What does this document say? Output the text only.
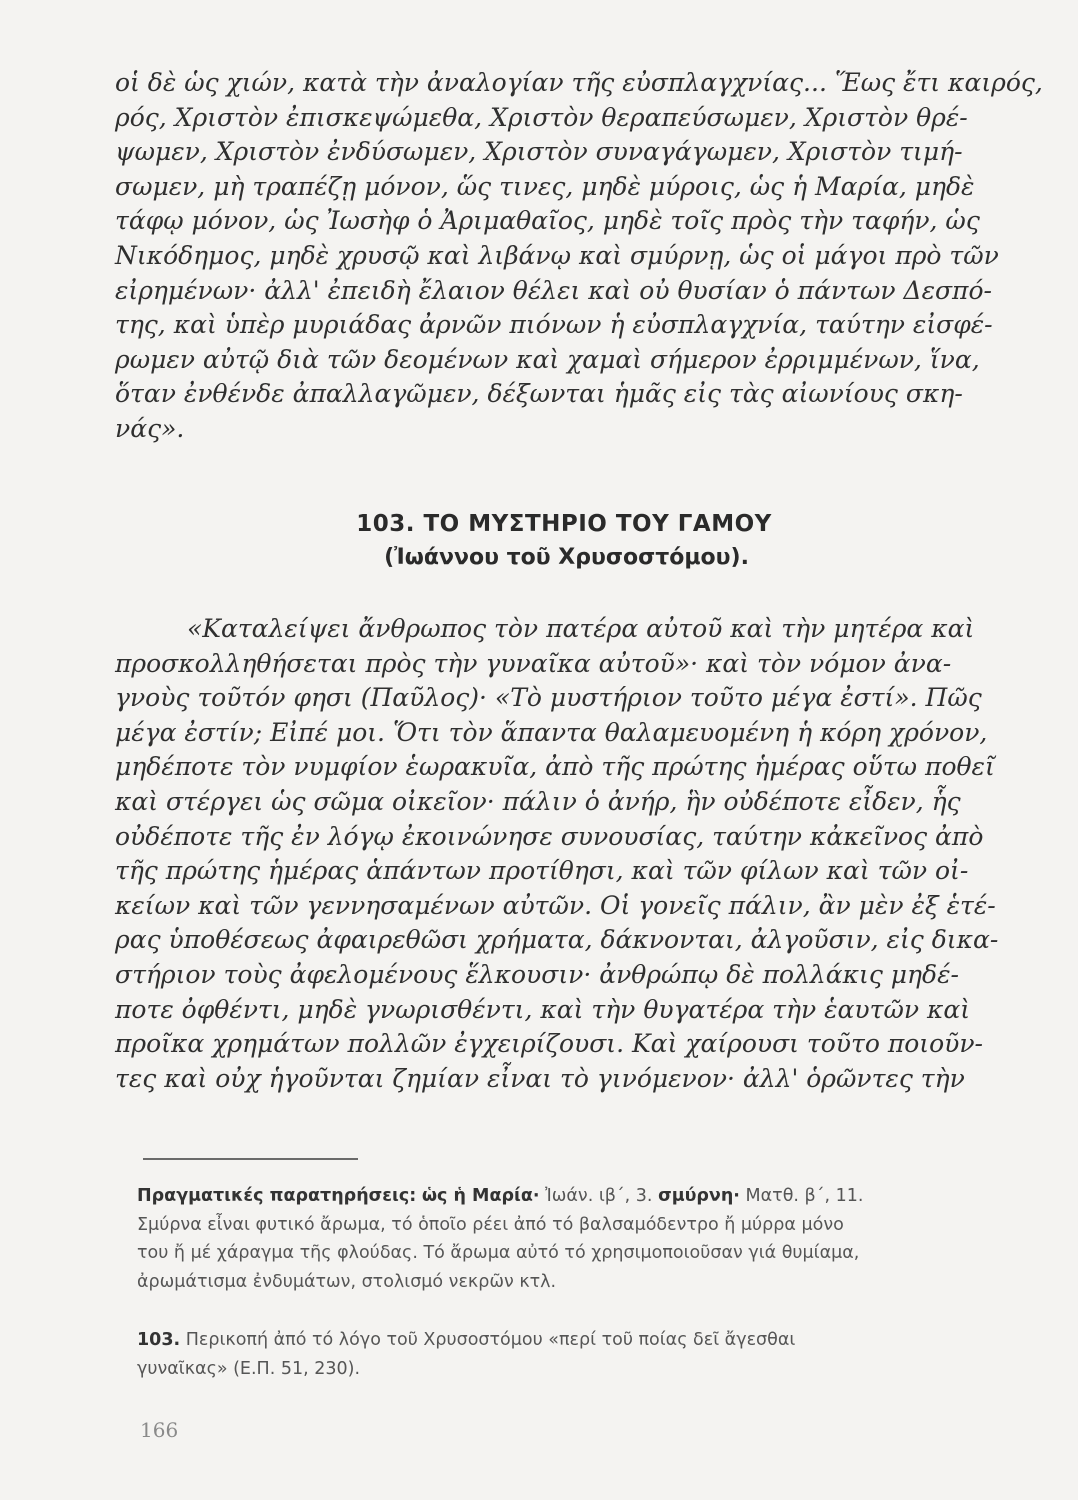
οἱ δὲ ὡς χιών, κατὰ τὴν ἀναλογίαν τῆς εὐσπλαγχνίας... Ἕως ἔτι καιρός,
ρός, Χριστὸν ἐπισκεψώμεθα, Χριστὸν θεραπεύσωμεν, Χριστὸν θρέ-
ψωμεν, Χριστὸν ἐνδύσωμεν, Χριστὸν συναγάγωμεν, Χριστὸν τιμή-
σωμεν, μὴ τραπέζῃ μόνον, ὥς τινες, μηδὲ μύροις, ὡς ἡ Μαρία, μηδὲ
τάφῳ μόνον, ὡς Ἰωσὴφ ὁ Ἀριμαθαῖος, μηδὲ τοῖς πρὸς τὴν ταφήν, ὡς
Νικόδημος, μηδὲ χρυσῷ καὶ λιβάνῳ καὶ σμύρνῃ, ὡς οἱ μάγοι πρὸ τῶν
εἰρημένων· ἀλλ' ἐπειδὴ ἔλαιον θέλει καὶ οὐ θυσίαν ὁ πάντων Δεσπό-
της, καὶ ὑπὲρ μυριάδας ἀρνῶν πιόνων ἡ εὐσπλαγχνία, ταύτην εἰσφέ-
ρωμεν αὐτῷ διὰ τῶν δεομένων καὶ χαμαὶ σήμερον ἐρριμμένων, ἵνα,
ὅταν ἐνθένδε ἀπαλλαγῶμεν, δέξωνται ἡμᾶς εἰς τὰς αἰωνίους σκη-
νάς».
103. ΤΟ ΜΥΣΤΗΡΙΟ ΤΟΥ ΓΑΜΟΥ
(Ἰωάννου τοῦ Χρυσοστόμου).
«Καταλείψει ἄνθρωπος τὸν πατέρα αὐτοῦ καὶ τὴν μητέρα καὶ
προσκολληθήσεται πρὸς τὴν γυναῖκα αὐτοῦ»· καὶ τὸν νόμον ἀνα-
γνοὺς τοῦτόν φησι (Παῦλος)· «Τὸ μυστήριον τοῦτο μέγα ἐστί». Πῶς
μέγα ἐστίν; Εἰπέ μοι. Ὅτι τὸν ἅπαντα θαλαμευομένη ἡ κόρη χρόνον,
μηδέποτε τὸν νυμφίον ἑωρακυῖα, ἀπὸ τῆς πρώτης ἡμέρας οὕτω ποθεῖ
καὶ στέργει ὡς σῶμα οἰκεῖον· πάλιν ὁ ἀνήρ, ἣν οὐδέποτε εἶδεν, ἧς
οὐδέποτε τῆς ἐν λόγῳ ἐκοινώνησε συνουσίας, ταύτην κἀκεῖνος ἀπὸ
τῆς πρώτης ἡμέρας ἁπάντων προτίθησι, καὶ τῶν φίλων καὶ τῶν οἰ-
κείων καὶ τῶν γεννησαμένων αὐτῶν. Οἱ γονεῖς πάλιν, ἂν μὲν ἐξ ἑτέ-
ρας ὑποθέσεως ἀφαιρεθῶσι χρήματα, δάκνονται, ἀλγοῦσιν, εἰς δικα-
στήριον τοὺς ἀφελομένους ἕλκουσιν· ἀνθρώπῳ δὲ πολλάκις μηδέ-
ποτε ὀφθέντι, μηδὲ γνωρισθέντι, καὶ τὴν θυγατέρα τὴν ἑαυτῶν καὶ
προῖκα χρημάτων πολλῶν ἐγχειρίζουσι. Καὶ χαίρουσι τοῦτο ποιοῦν-
τες καὶ οὐχ ἡγοῦνται ζημίαν εἶναι τὸ γινόμενον· ἀλλ' ὁρῶντες τὴν
Πραγματικές παρατηρήσεις: ὡς ἡ Μαρία· Ἰωάν. ιβ΄, 3. σμύρνη· Ματθ. β΄, 11.
Σμύρνα εἶναι φυτικό ἄρωμα, τό ὁποῖο ρέει ἀπό τό βαλσαμόδεντρο ἤ μύρρα μόνο
του ἤ μέ χάραγμα τῆς φλούδας. Τό ἄρωμα αὐτό τό χρησιμοποιοῦσαν γιά θυμίαμα,
ἀρωμάτισμα ἐνδυμάτων, στολισμό νεκρῶν κτλ.
103. Περικοπή ἀπό τό λόγο τοῦ Χρυσοστόμου «περί τοῦ ποίας δεῖ ἄγεσθαι
γυναῖκας» (Ε.Π. 51, 230).
166
